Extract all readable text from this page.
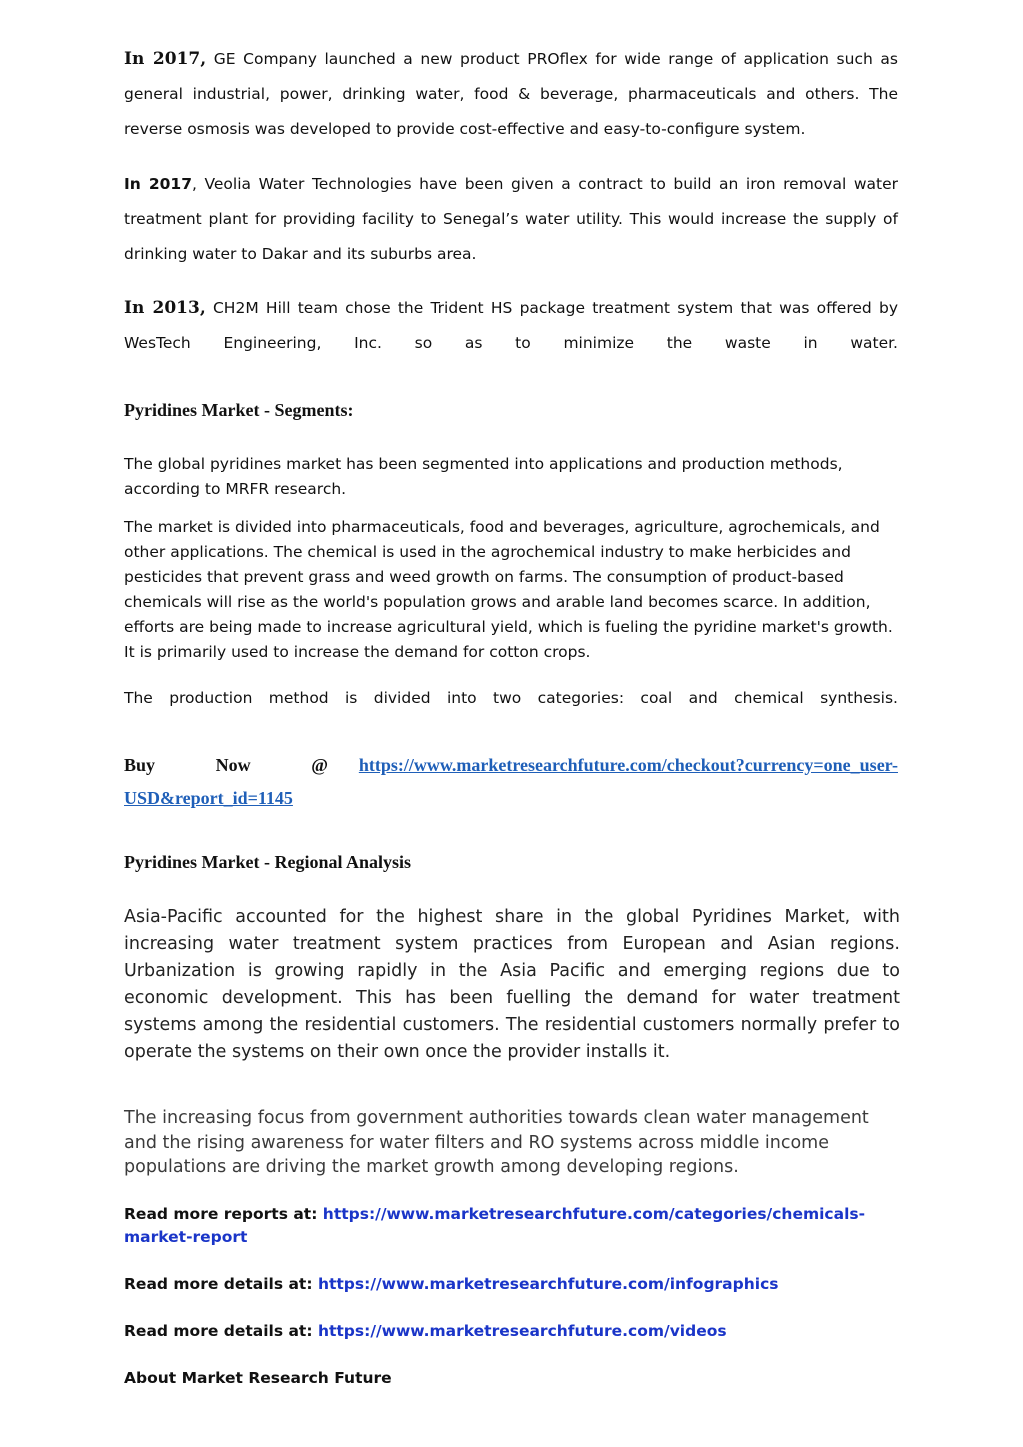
In 2017, GE Company launched a new product PROflex for wide range of application such as general industrial, power, drinking water, food & beverage, pharmaceuticals and others. The reverse osmosis was developed to provide cost-effective and easy-to-configure system.

In 2017, Veolia Water Technologies have been given a contract to build an iron removal water treatment plant for providing facility to Senegal’s water utility. This would increase the supply of drinking water to Dakar and its suburbs area.

In 2013, CH2M Hill team chose the Trident HS package treatment system that was offered by WesTech Engineering, Inc. so as to minimize the waste in water.

Pyridines Market - Segments:

The global pyridines market has been segmented into applications and production methods, according to MRFR research.

The market is divided into pharmaceuticals, food and beverages, agriculture, agrochemicals, and other applications. The chemical is used in the agrochemical industry to make herbicides and pesticides that prevent grass and weed growth on farms. The consumption of product-based chemicals will rise as the world's population grows and arable land becomes scarce. In addition, efforts are being made to increase agricultural yield, which is fueling the pyridine market's growth. It is primarily used to increase the demand for cotton crops.

The production method is divided into two categories: coal and chemical synthesis.

Buy	Now	@ https://www.marketresearchfuture.com/checkout?currency=one_user-
USD&report_id=1145
Pyridines Market - Regional Analysis

Asia-Pacific accounted for the highest share in the global Pyridines Market, with increasing water treatment system practices from European and Asian regions. Urbanization is growing rapidly in the Asia Pacific and emerging regions due to economic development. This has been fuelling the demand for water treatment systems among the residential customers. The residential customers normally prefer to operate the systems on their own once the provider installs it.

The increasing focus from government authorities towards clean water management and the rising awareness for water filters and RO systems across middle income populations are driving the market growth among developing regions.

Read more reports at: https://www.marketresearchfuture.com/categories/chemicals-market-report

Read more details at: https://www.marketresearchfuture.com/infographics

Read more details at: https://www.marketresearchfuture.com/videos

About Market Research Future
